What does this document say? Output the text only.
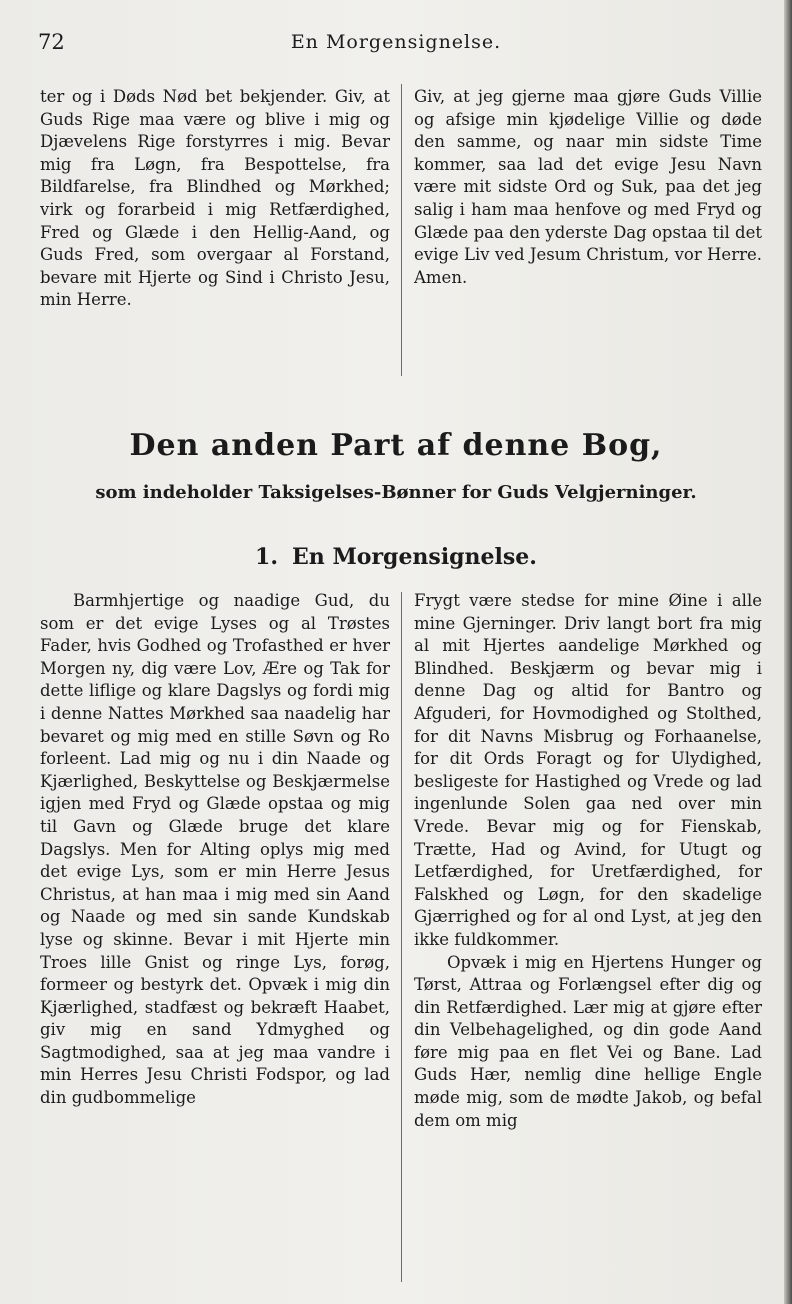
72	En Morgensignelse.

ter og i Døds Nød bet bekjender. Giv, at Guds Rige maa være og blive i mig og Djævelens Rige forstyrres i mig. Bevar mig fra Løgn, fra Bespottelse, fra Bildfarelse, fra Blindhed og Mørkhed; virk og forarbeid i mig Retfærdighed, Fred og Glæde i den Hellig-Aand, og Guds Fred, som overgaar al Forstand, bevare mit Hjerte og Sind i Christo Jesu, min Herre.

Giv, at jeg gjerne maa gjøre Guds Villie og afsige min kjødelige Villie og døde den samme, og naar min sidste Time kommer, saa lad det evige Jesu Navn være mit sidste Ord og Suk, paa det jeg salig i ham maa henfove og med Fryd og Glæde paa den yderste Dag opstaa til det evige Liv ved Jesum Christum, vor Herre. Amen.

Den anden Part af denne Bog,
som indeholder Taksigelses-Bønner for Guds Velgjerninger.
1. En Morgensignelse.

Barmhjertige og naadige Gud, du som er det evige Lyses og al Trøstes Fader, hvis Godhed og Trofasthed er hver Morgen ny, dig være Lov, Ære og Tak for dette liflige og klare Dagslys og fordi mig i denne Nattes Mørkhed saa naadelig har bevaret og mig med en stille Søvn og Ro forleent. Lad mig og nu i din Naade og Kjærlighed, Beskyttelse og Beskjærmelse igjen med Fryd og Glæde opstaa og mig til Gavn og Glæde bruge det klare Dagslys. Men for Alting oplys mig med det evige Lys, som er min Herre Jesus Christus, at han maa i mig med sin Aand og Naade og med sin sande Kundskab lyse og skinne. Bevar i mit Hjerte min Troes lille Gnist og ringe Lys, forøg, formeer og bestyrk det. Opvæk i mig din Kjærlighed, stadfæst og bekræft Haabet, giv mig en sand Ydmyghed og Sagtmodighed, saa at jeg maa vandre i min Herres Jesu Christi Fodspor, og lad din gudbommelige

Frygt være stedse for mine Øine i alle mine Gjerninger. Driv langt bort fra mig al mit Hjertes aandelige Mørkhed og Blindhed. Beskjærm og bevar mig i denne Dag og altid for Bantro og Afguderi, for Hovmodighed og Stolthed, for dit Navns Misbrug og Forhaanelse, for dit Ords Foragt og for Ulydighed, besligeste for Hastighed og Vrede og lad ingenlunde Solen gaa ned over min Vrede. Bevar mig og for Fienskab, Trætte, Had og Avind, for Utugt og Letfærdighed, for Uretfærdighed, for Falskhed og Løgn, for den skadelige Gjærrighed og for al ond Lyst, at jeg den ikke fuldkommer.

Opvæk i mig en Hjertens Hunger og Tørst, Attraa og Forlængsel efter dig og din Retfærdighed. Lær mig at gjøre efter din Velbehagelighed, og din gode Aand føre mig paa en flet Vei og Bane. Lad Guds Hær, nemlig dine hellige Engle møde mig, som de mødte Jakob, og befal dem om mig
